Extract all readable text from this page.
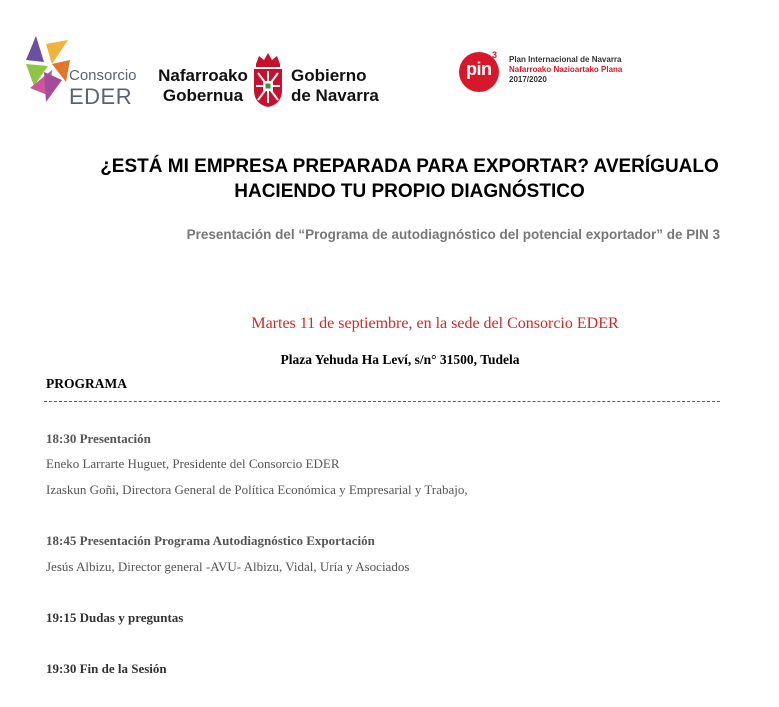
Consorcio
EDER
Nafarroako
Gobernua
Gobierno
de Navarra
pin
3 Plan Internacional de Navarra
Nafarroako Nazioartako Plana
2017/2020
¿ESTÁ MI EMPRESA PREPARADA PARA EXPORTAR? AVERÍGUALO
HACIENDO TU PROPIO DIAGNÓSTICO
Presentación del “Programa de autodiagnóstico del potencial exportador” de PIN 3
Martes 11 de septiembre, en la sede del Consorcio EDER
Plaza Yehuda Ha Leví, s/n° 31500, Tudela
PROGRAMA
18:30 Presentación
Eneko Larrarte Huguet, Presidente del Consorcio EDER
Izaskun Goñi, Directora General de Política Económica y Empresarial y Trabajo,
18:45 Presentación Programa Autodiagnóstico Exportación
Jesús Albizu, Director general -AVU- Albizu, Vidal, Uría y Asociados
19:15 Dudas y preguntas
19:30 Fin de la Sesión
